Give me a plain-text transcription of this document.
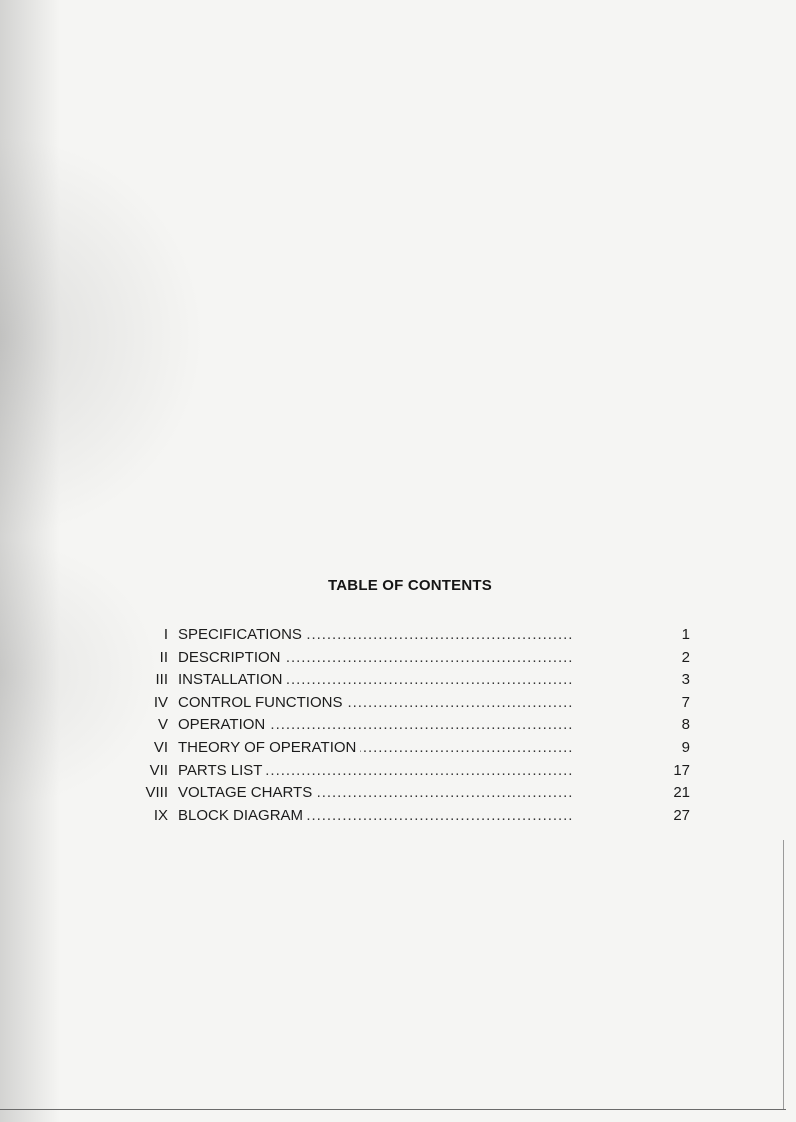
TABLE OF CONTENTS
I SPECIFICATIONS . . .	1
II DESCRIPTION . . .	2
III INSTALLATION . . .	3
IV CONTROL FUNCTIONS . . .	7
V OPERATION . . .	8
VI THEORY OF OPERATION . . .	9
VII PARTS LIST . . .	17
VIII VOLTAGE CHARTS . . .	21
IX BLOCK DIAGRAM . . .	27
